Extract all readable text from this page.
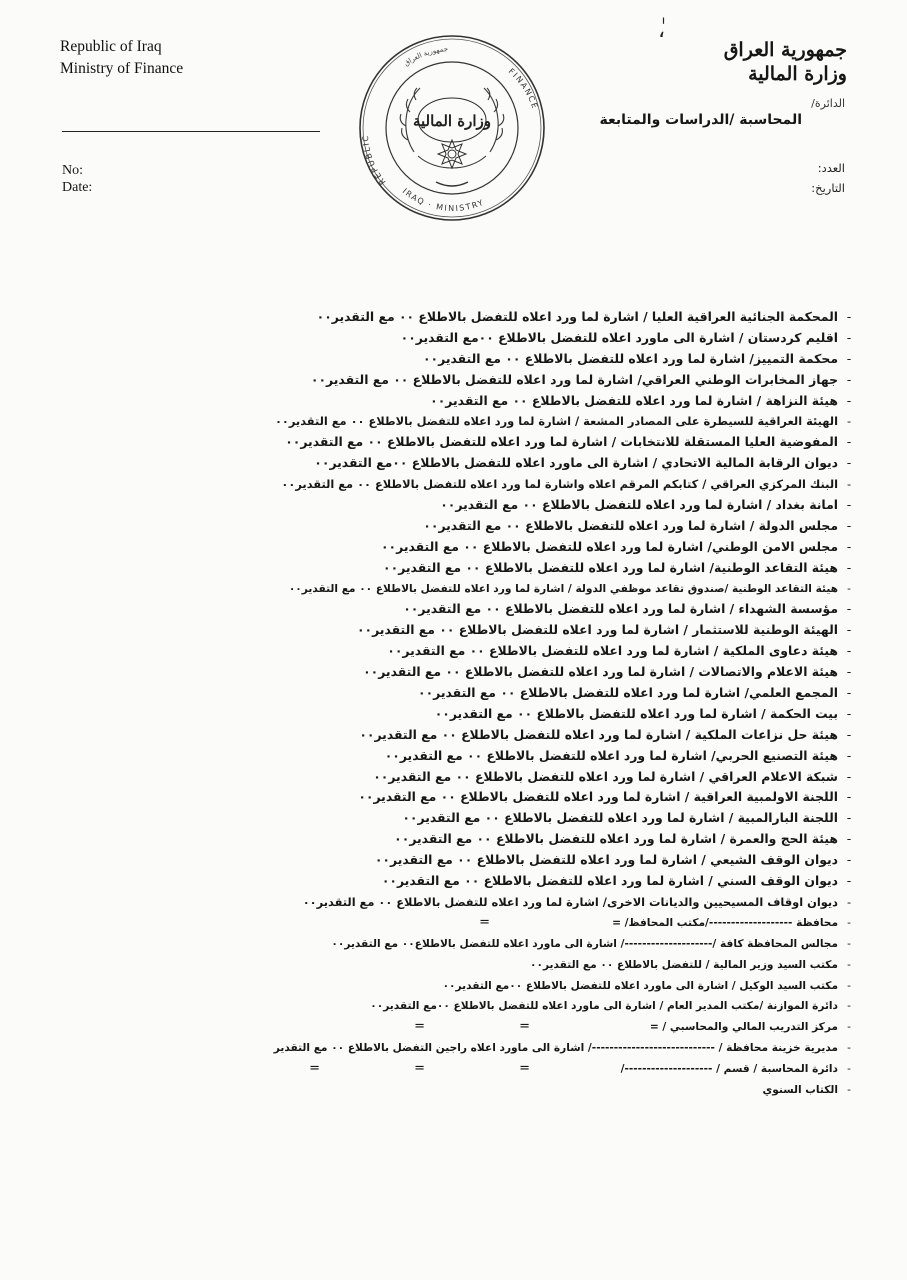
Republic of Iraq
Ministry of Finance
No:
Date:	REPUBLIC
IRAQ · MINISTRY
FINANCE
جمهورية العراق
وزارة المالية
جمهورية العراق
وزارة المالية
الدائرة/
المحاسبة /الدراسات والمتابعة
العدد:
التاريخ:
ٰ،
-المحكمة الجنائية العراقية العليا / اشارة لما ورد اعلاه للتفضل بالاطلاع ٠٠ مع التقدير٠٠
-اقليم كردستان / اشارة الى ماورد اعلاه للتفضل بالاطلاع ٠٠مع التقدير٠٠
-محكمة التمييز/ اشارة لما ورد اعلاه للتفضل بالاطلاع ٠٠ مع التقدير٠٠
-جهاز المخابرات الوطني العراقي/ اشارة لما ورد اعلاه للتفضل بالاطلاع ٠٠ مع التقدير٠٠
-هيئة النزاهة / اشارة لما ورد اعلاه للتفضل بالاطلاع ٠٠ مع التقدير٠٠
-الهيئة العراقية للسيطرة على المصادر المشعة / اشارة لما ورد اعلاه للتفضل بالاطلاع ٠٠ مع التقدير٠٠
-المفوضية العليا المستقلة للانتخابات / اشارة لما ورد اعلاه للتفضل بالاطلاع ٠٠ مع التقدير٠٠
-ديوان الرقابة المالية الاتحادي / اشارة الى ماورد اعلاه للتفضل بالاطلاع ٠٠مع التقدير٠٠
-البنك المركزي العراقي / كتابكم المرقم اعلاه واشارة لما ورد اعلاه للتفضل بالاطلاع ٠٠ مع التقدير٠٠
-امانة بغداد / اشارة لما ورد اعلاه للتفضل بالاطلاع ٠٠ مع التقدير٠٠
-مجلس الدولة / اشارة لما ورد اعلاه للتفضل بالاطلاع ٠٠ مع التقدير٠٠
-مجلس الامن الوطني/ اشارة لما ورد اعلاه للتفضل بالاطلاع ٠٠ مع التقدير٠٠
-هيئة التقاعد الوطنية/ اشارة لما ورد اعلاه للتفضل بالاطلاع ٠٠ مع التقدير٠٠
-هيئة التقاعد الوطنية /صندوق تقاعد موظفي الدولة / اشارة لما ورد اعلاه للتفضل بالاطلاع ٠٠ مع التقدير٠٠
-مؤسسة الشهداء / اشارة لما ورد اعلاه للتفضل بالاطلاع ٠٠ مع التقدير٠٠
-الهيئة الوطنية للاستثمار / اشارة لما ورد اعلاه للتفضل بالاطلاع ٠٠ مع التقدير٠٠
-هيئة دعاوى الملكية / اشارة لما ورد اعلاه للتفضل بالاطلاع ٠٠ مع التقدير٠٠
-هيئة الاعلام والاتصالات / اشارة لما ورد اعلاه للتفضل بالاطلاع ٠٠ مع التقدير٠٠
-المجمع العلمي/ اشارة لما ورد اعلاه للتفضل بالاطلاع ٠٠ مع التقدير٠٠
-بيت الحكمة / اشارة لما ورد اعلاه للتفضل بالاطلاع ٠٠ مع التقدير٠٠
-هيئة حل نزاعات الملكية / اشارة لما ورد اعلاه للتفضل بالاطلاع ٠٠ مع التقدير٠٠
-هيئة التصنيع الحربي/ اشارة لما ورد اعلاه للتفضل بالاطلاع ٠٠ مع التقدير٠٠
-شبكة الاعلام العراقي / اشارة لما ورد اعلاه للتفضل بالاطلاع ٠٠ مع التقدير٠٠
-اللجنة الاولمبية العراقية / اشارة لما ورد اعلاه للتفضل بالاطلاع ٠٠ مع التقدير٠٠
-اللجنة البارالمبية / اشارة لما ورد اعلاه للتفضل بالاطلاع ٠٠ مع التقدير٠٠
-هيئة الحج والعمرة / اشارة لما ورد اعلاه للتفضل بالاطلاع ٠٠ مع التقدير٠٠
-ديوان الوقف الشيعي / اشارة لما ورد اعلاه للتفضل بالاطلاع ٠٠ مع التقدير٠٠
-ديوان الوقف السني / اشارة لما ورد اعلاه للتفضل بالاطلاع ٠٠ مع التقدير٠٠
-ديوان اوقاف المسيحيين والديانات الاخرى/ اشارة لما ورد اعلاه للتفضل بالاطلاع ٠٠ مع التقدير٠٠
-محافظة -------------------/مكتب المحافظ/ =
=
-مجالس المحافظة كافة /--------------------/ اشارة الى ماورد اعلاه للتفضل بالاطلاع٠٠ مع التقدير٠٠
-مكتب السيد وزير المالية / للتفضل بالاطلاع ٠٠ مع التقدير٠٠
-مكتب السيد الوكيل / اشارة الى ماورد اعلاه للتفضل بالاطلاع ٠٠مع التقدير٠٠
-دائرة الموازنة /مكتب المدير العام / اشارة الى ماورد اعلاه للتفضل بالاطلاع ٠٠مع التقدير٠٠
-مركز التدريب المالي والمحاسبي / =
=
=
-مديرية خزينة محافظة / ----------------------------/ اشارة الى ماورد اعلاه راجين التفضل بالاطلاع ٠٠ مع التقدير
-دائرة المحاسبة / قسم / --------------------/
=
=
=
-الكتاب السنوي
